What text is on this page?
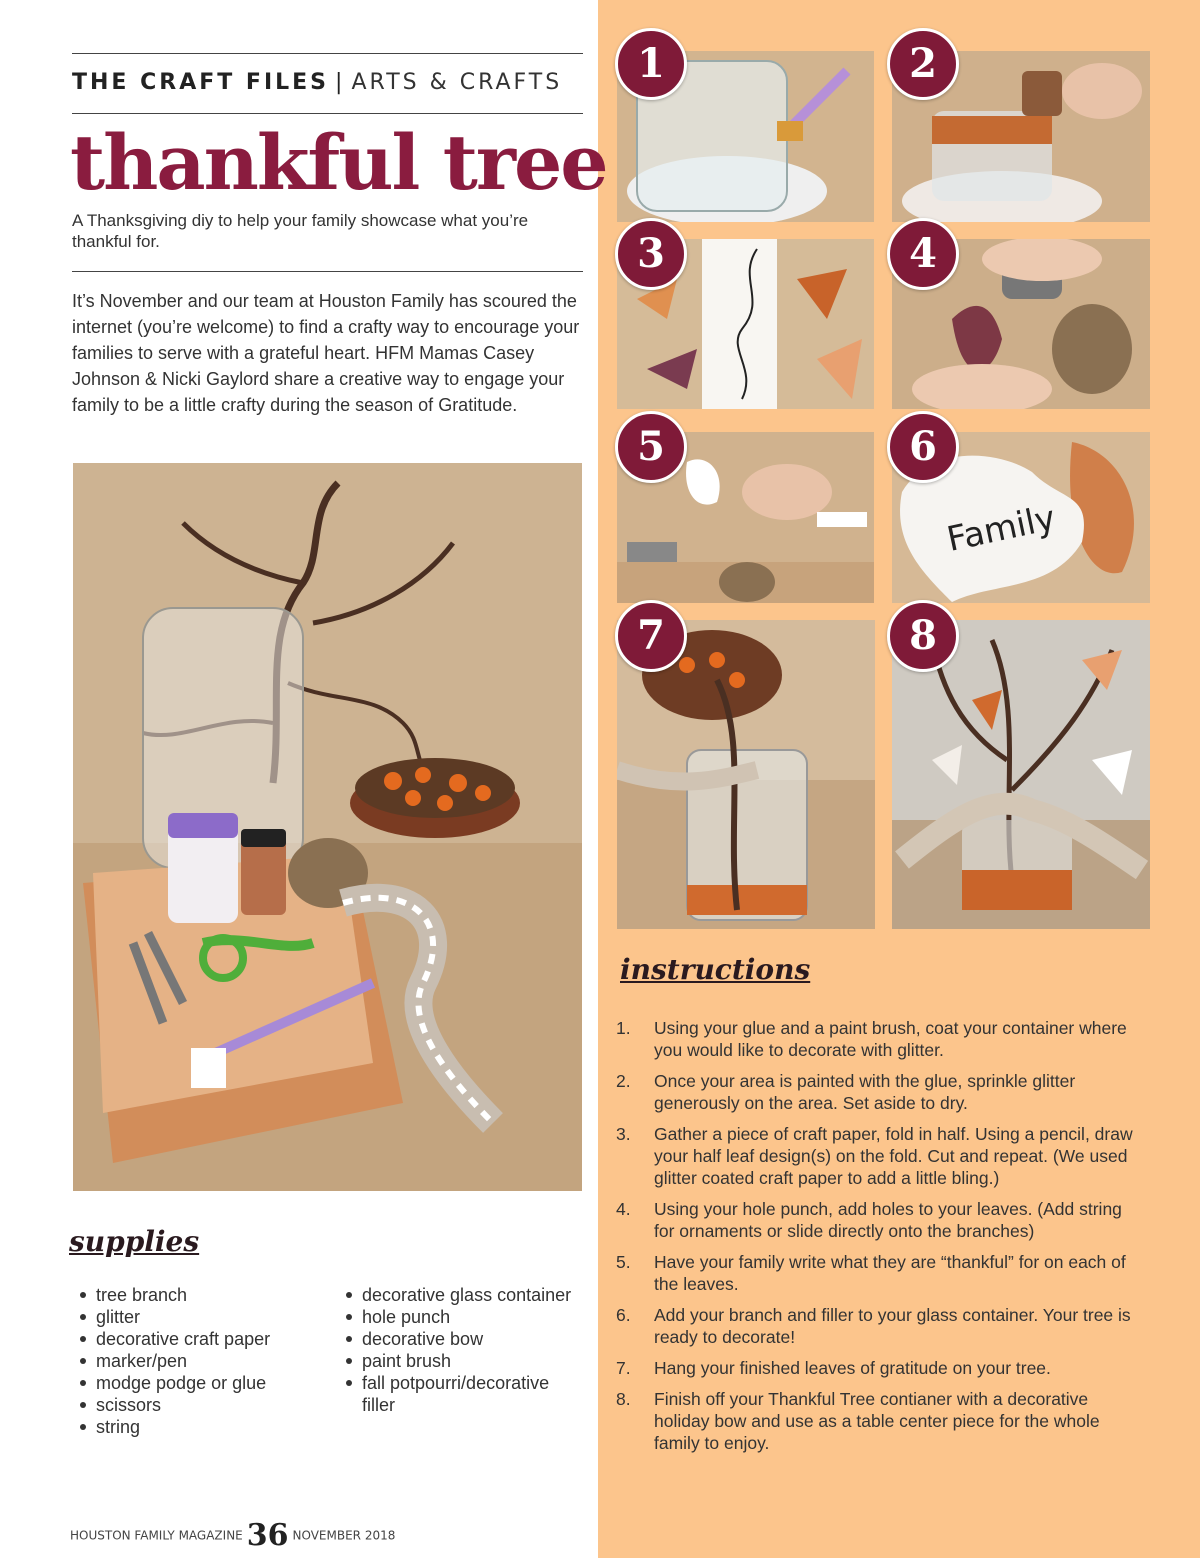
THE CRAFT FILES | ARTS & CRAFTS
thankful tree
A Thanksgiving diy to help your family showcase what you’re thankful for.
It’s November and our team at Houston Family has scoured the internet (you’re welcome) to find a crafty way to encourage your families to serve with a grateful heart. HFM Mamas Casey Johnson & Nicki Gaylord share a creative way to engage your family to be a little crafty during the season of Gratitude.
supplies
tree branch
glitter
decorative craft paper
marker/pen
modge podge or glue
scissors
string
decorative glass container
hole punch
decorative bow
paint brush
fall potpourri/decorative filler
Family
1	2
3	4
5	6
7	8
instructions
1. Using your glue and a paint brush, coat your container where you would like to decorate with glitter.
2. Once your area is painted with the glue, sprinkle glitter generously on the area. Set aside to dry.
3. Gather a piece of craft paper, fold in half. Using a pencil, draw your half leaf design(s) on the fold. Cut and repeat. (We used glitter coated craft paper to add a little bling.)
4. Using your hole punch, add holes to your leaves. (Add string for ornaments or slide directly onto the branches)
5. Have your family write what they are “thankful” for on each of the leaves.
6. Add your branch and filler to your glass container. Your tree is ready to decorate!
7. Hang your finished leaves of gratitude on your tree.
8. Finish off your Thankful Tree contianer with a decorative holiday bow and use as a table center piece for the whole family to enjoy.
HOUSTON FAMILY MAGAZINE 36 NOVEMBER 2018
